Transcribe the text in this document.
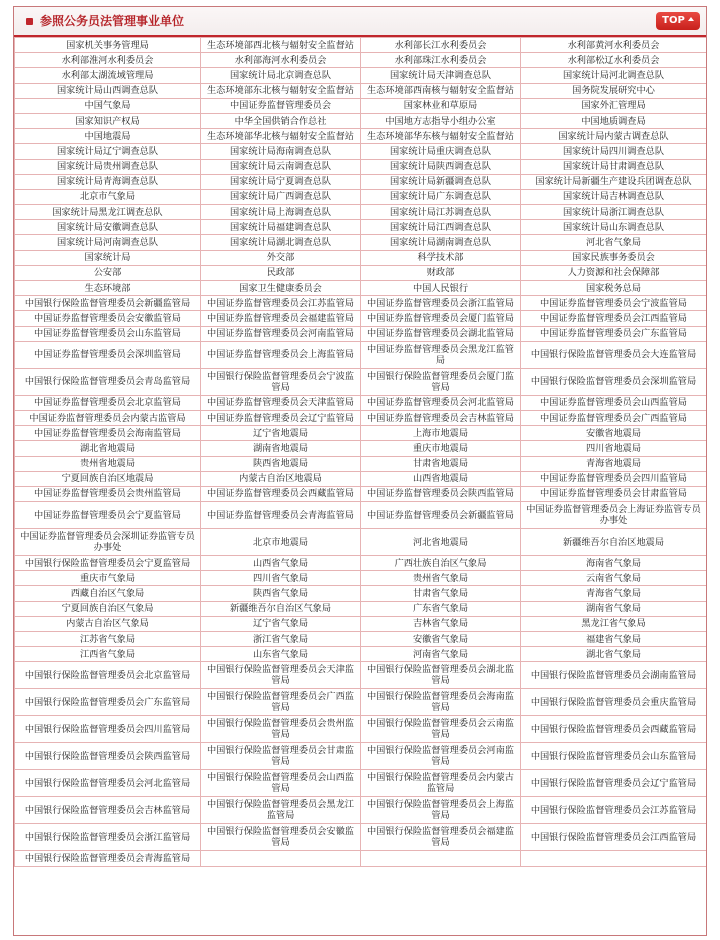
参照公务员法管理事业单位	TOP
国家机关事务管理局	生态环境部西北核与辐射安全监督站	水利部长江水利委员会	水利部黄河水利委员会
水利部淮河水利委员会	水利部海河水利委员会	水利部珠江水利委员会	水利部松辽水利委员会
水利部太湖流域管理局	国家统计局北京调查总队	国家统计局天津调查总队	国家统计局河北调查总队
国家统计局山西调查总队	生态环境部东北核与辐射安全监督站	生态环境部西南核与辐射安全监督站	国务院发展研究中心
中国气象局	中国证券监督管理委员会	国家林业和草原局	国家外汇管理局
国家知识产权局	中华全国供销合作总社	中国地方志指导小组办公室	中国地质调查局
中国地震局	生态环境部华北核与辐射安全监督站	生态环境部华东核与辐射安全监督站	国家统计局内蒙古调查总队
国家统计局辽宁调查总队	国家统计局海南调查总队	国家统计局重庆调查总队	国家统计局四川调查总队
国家统计局贵州调查总队	国家统计局云南调查总队	国家统计局陕西调查总队	国家统计局甘肃调查总队
国家统计局青海调查总队	国家统计局宁夏调查总队	国家统计局新疆调查总队	国家统计局新疆生产建设兵团调查总队
北京市气象局	国家统计局广西调查总队	国家统计局广东调查总队	国家统计局吉林调查总队
国家统计局黑龙江调查总队	国家统计局上海调查总队	国家统计局江苏调查总队	国家统计局浙江调查总队
国家统计局安徽调查总队	国家统计局福建调查总队	国家统计局江西调查总队	国家统计局山东调查总队
国家统计局河南调查总队	国家统计局湖北调查总队	国家统计局湖南调查总队	河北省气象局
国家统计局	外交部	科学技术部	国家民族事务委员会
公安部	民政部	财政部	人力资源和社会保障部
生态环境部	国家卫生健康委员会	中国人民银行	国家税务总局
中国银行保险监督管理委员会新疆监管局	中国证券监督管理委员会江苏监管局	中国证券监督管理委员会浙江监管局	中国证券监督管理委员会宁波监管局
中国证券监督管理委员会安徽监管局	中国证券监督管理委员会福建监管局	中国证券监督管理委员会厦门监管局	中国证券监督管理委员会江西监管局
中国证券监督管理委员会山东监管局	中国证券监督管理委员会河南监管局	中国证券监督管理委员会湖北监管局	中国证券监督管理委员会广东监管局
中国证券监督管理委员会深圳监管局	中国证券监督管理委员会上海监管局	中国证券监督管理委员会黑龙江监管局	中国银行保险监督管理委员会大连监管局
中国银行保险监督管理委员会青岛监管局	中国银行保险监督管理委员会宁波监管局	中国银行保险监督管理委员会厦门监管局	中国银行保险监督管理委员会深圳监管局
中国证券监督管理委员会北京监管局	中国证券监督管理委员会天津监管局	中国证券监督管理委员会河北监管局	中国证券监督管理委员会山西监管局
中国证券监督管理委员会内蒙古监管局	中国证券监督管理委员会辽宁监管局	中国证券监督管理委员会吉林监管局	中国证券监督管理委员会广西监管局
中国证券监督管理委员会海南监管局	辽宁省地震局	上海市地震局	安徽省地震局
湖北省地震局	湖南省地震局	重庆市地震局	四川省地震局
贵州省地震局	陕西省地震局	甘肃省地震局	青海省地震局
宁夏回族自治区地震局	内蒙古自治区地震局	山西省地震局	中国证券监督管理委员会四川监管局
中国证券监督管理委员会贵州监管局	中国证券监督管理委员会西藏监管局	中国证券监督管理委员会陕西监管局	中国证券监督管理委员会甘肃监管局
中国证券监督管理委员会宁夏监管局	中国证券监督管理委员会青海监管局	中国证券监督管理委员会新疆监管局	中国证券监督管理委员会上海证券监管专员办事处
中国证券监督管理委员会深圳证券监管专员办事处	北京市地震局	河北省地震局	新疆维吾尔自治区地震局
中国银行保险监督管理委员会宁夏监管局	山西省气象局	广西壮族自治区气象局	海南省气象局
重庆市气象局	四川省气象局	贵州省气象局	云南省气象局
西藏自治区气象局	陕西省气象局	甘肃省气象局	青海省气象局
宁夏回族自治区气象局	新疆维吾尔自治区气象局	广东省气象局	湖南省气象局
内蒙古自治区气象局	辽宁省气象局	吉林省气象局	黑龙江省气象局
江苏省气象局	浙江省气象局	安徽省气象局	福建省气象局
江西省气象局	山东省气象局	河南省气象局	湖北省气象局
中国银行保险监督管理委员会北京监管局	中国银行保险监督管理委员会天津监管局	中国银行保险监督管理委员会湖北监管局	中国银行保险监督管理委员会湖南监管局
中国银行保险监督管理委员会广东监管局	中国银行保险监督管理委员会广西监管局	中国银行保险监督管理委员会海南监管局	中国银行保险监督管理委员会重庆监管局
中国银行保险监督管理委员会四川监管局	中国银行保险监督管理委员会贵州监管局	中国银行保险监督管理委员会云南监管局	中国银行保险监督管理委员会西藏监管局
中国银行保险监督管理委员会陕西监管局	中国银行保险监督管理委员会甘肃监管局	中国银行保险监督管理委员会河南监管局	中国银行保险监督管理委员会山东监管局
中国银行保险监督管理委员会河北监管局	中国银行保险监督管理委员会山西监管局	中国银行保险监督管理委员会内蒙古监管局	中国银行保险监督管理委员会辽宁监管局
中国银行保险监督管理委员会吉林监管局	中国银行保险监督管理委员会黑龙江监管局	中国银行保险监督管理委员会上海监管局	中国银行保险监督管理委员会江苏监管局
中国银行保险监督管理委员会浙江监管局	中国银行保险监督管理委员会安徽监管局	中国银行保险监督管理委员会福建监管局	中国银行保险监督管理委员会江西监管局
中国银行保险监督管理委员会青海监管局			
